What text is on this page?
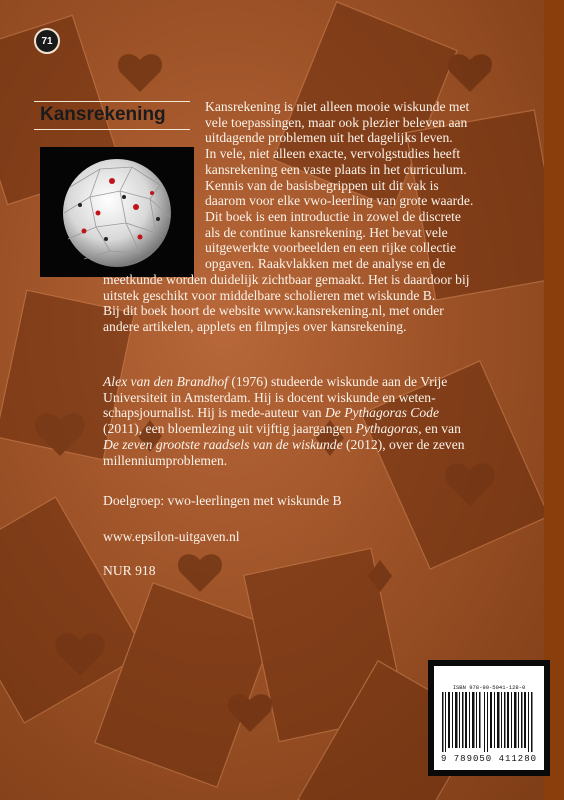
71
Kansrekening	Kansrekening is niet alleen mooie wiskunde met

vele toepassingen, maar ook plezier beleven aan

uitdagende problemen uit het dagelijks leven.

In vele, niet alleen exacte, vervolgstudies heeft

kansrekening een vaste plaats in het curriculum.

Kennis van de basisbegrippen uit dit vak is

daarom voor elke vwo-leerling van grote waarde.

Dit boek is een introductie in zowel de discrete

als de continue kansrekening. Het bevat vele

uitgewerkte voorbeelden en een rijke collectie

opgaven. Raakvlakken met de analyse en de

meetkunde worden duidelijk zichtbaar gemaakt. Het is daardoor bij

uitstek geschikt voor middelbare scholieren met wiskunde B.

Bij dit boek hoort de website www.kansrekening.nl, met onder

andere artikelen, applets en filmpjes over kansrekening.

Alex van den Brandhof (1976) studeerde wiskunde aan de Vrije

Universiteit in Amsterdam. Hij is docent wiskunde en weten-

schapsjournalist. Hij is mede-auteur van De Pythagoras Code

(2011), een bloemlezing uit vijftig jaargangen Pythagoras, en van

De zeven grootste raadsels van de wiskunde (2012), over de zeven

millenniumproblemen.

Doelgroep: vwo-leerlingen met wiskunde B
www.epsilon-uitgaven.nl
NUR 918
ISBN 978-90-5041-128-0
9 789050 411280
